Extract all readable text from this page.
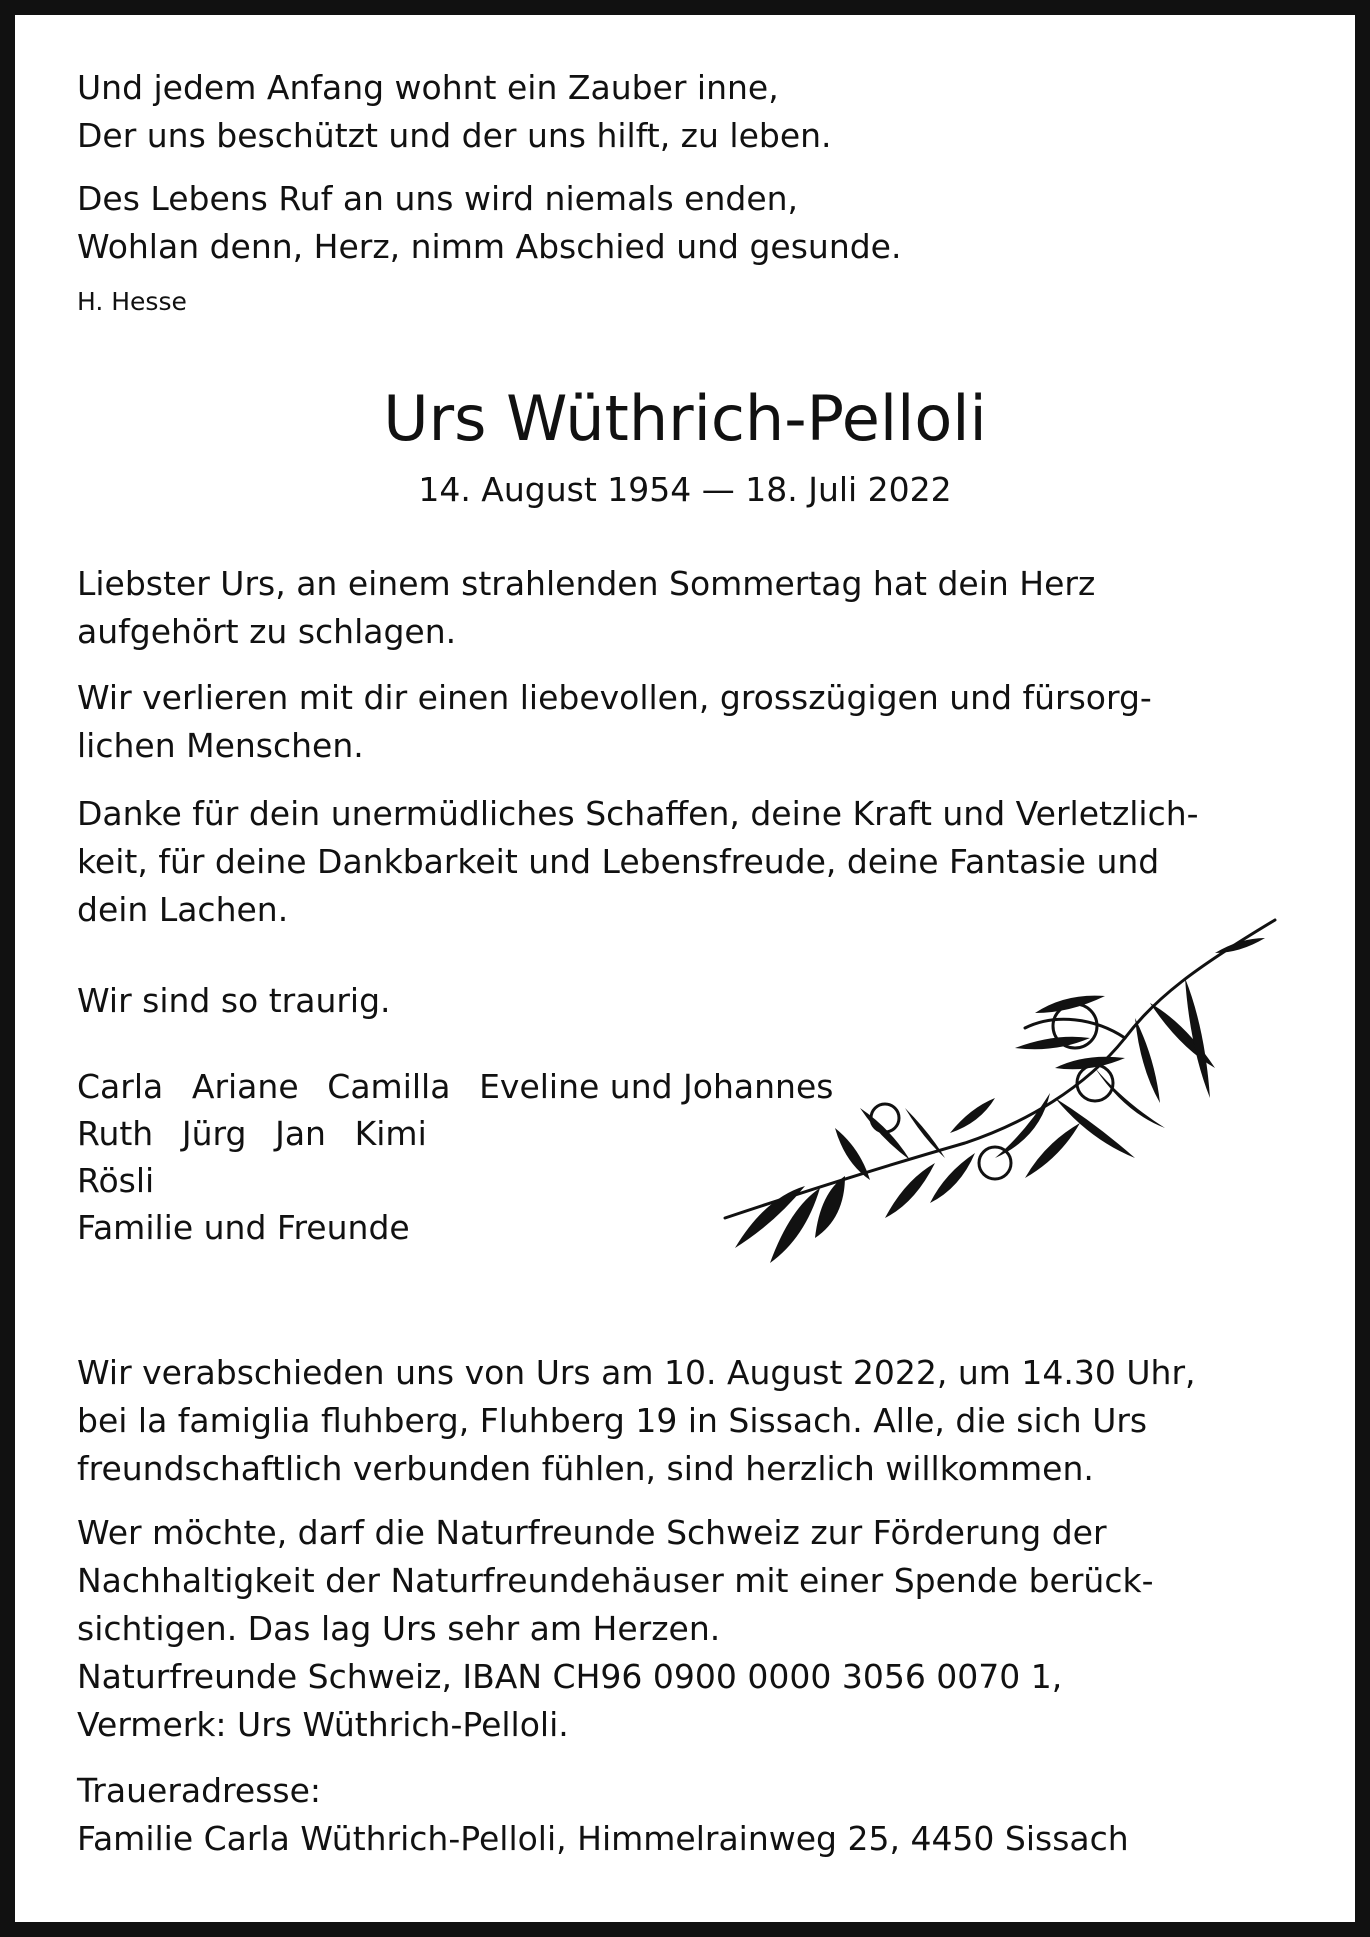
Und jedem Anfang wohnt ein Zauber inne,
Der uns beschützt und der uns hilft, zu leben.

Des Lebens Ruf an uns wird niemals enden,
Wohlan denn, Herz, nimm Abschied und gesunde.

H. Hesse
Urs Wüthrich-Pelloli
14. August 1954 — 18. Juli 2022

Liebster Urs, an einem strahlenden Sommertag hat dein Herz
aufgehört zu schlagen.

Wir verlieren mit dir einen liebevollen, grosszügigen und fürsorg-
lichen Menschen.

Danke für dein unermüdliches Schaffen, deine Kraft und Verletzlich-
keit, für deine Dankbarkeit und Lebensfreude, deine Fantasie und
dein Lachen.

Wir sind so traurig.

Carla Ariane Camilla Eveline und Johannes
Ruth Jürg Jan Kimi
Rösli
Familie und Freunde

Wir verabschieden uns von Urs am 10. August 2022, um 14.30 Uhr,
bei la famiglia fluhberg, Fluhberg 19 in Sissach. Alle, die sich Urs
freundschaftlich verbunden fühlen, sind herzlich willkommen.

Wer möchte, darf die Naturfreunde Schweiz zur Förderung der
Nachhaltigkeit der Naturfreundehäuser mit einer Spende berück-
sichtigen. Das lag Urs sehr am Herzen.
Naturfreunde Schweiz, IBAN CH96 0900 0000 3056 0070 1,
Vermerk: Urs Wüthrich-Pelloli.

Traueradresse:
Familie Carla Wüthrich-Pelloli, Himmelrainweg 25, 4450 Sissach
